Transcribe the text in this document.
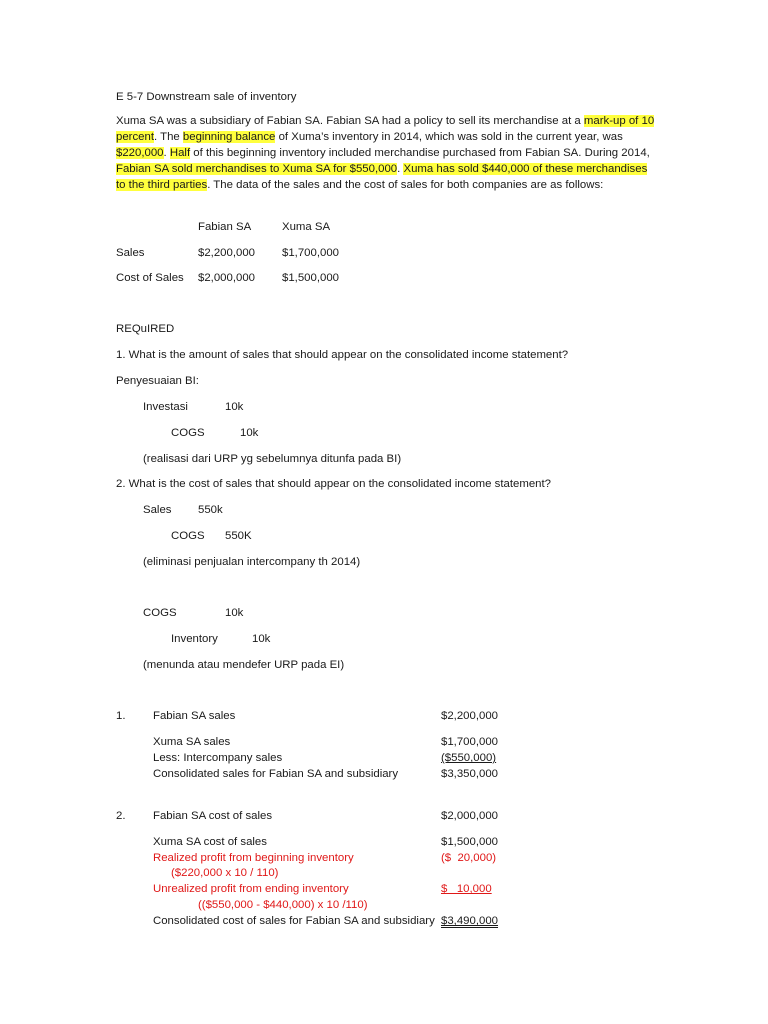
E 5-7 Downstream sale of inventory
Xuma SA was a subsidiary of Fabian SA. Fabian SA had a policy to sell its merchandise at a mark-up of 10 percent. The beginning balance of Xuma’s inventory in 2014, which was sold in the current year, was $220,000. Half of this beginning inventory included merchandise purchased from Fabian SA. During 2014, Fabian SA sold merchandises to Xuma SA for $550,000. Xuma has sold $440,000 of these merchandises to the third parties. The data of the sales and the cost of sales for both companies are as follows:
Fabian SA	Xuma SA
Sales	$2,200,000 $1,700,000
Cost of Sales $2,000,000 $1,500,000
REQuIRED
1. What is the amount of sales that should appear on the consolidated income statement?
Penyesuaian BI:
Investasi	10k
COGS	10k
(realisasi dari URP yg sebelumnya ditunfa pada BI)
2. What is the cost of sales that should appear on the consolidated income statement?
Sales 550k
COGS 550K
(eliminasi penjualan intercompany th 2014)
COGS	10k
Inventory	10k
(menunda atau mendefer URP pada EI)
1. Fabian SA sales	$2,200,000
Xuma SA sales	$1,700,000
Less: Intercompany sales	($550,000)
Consolidated sales for Fabian SA and subsidiary	$3,350,000
2. Fabian SA cost of sales	$2,000,000
Xuma SA cost of sales	$1,500,000
Realized profit from beginning inventory	($  20,000)
($220,000 x 10 / 110)
Unrealized profit from ending inventory	$   10,000
(($550,000 - $440,000) x 10 /110)
Consolidated cost of sales for Fabian SA and subsidiary $3,490,000
